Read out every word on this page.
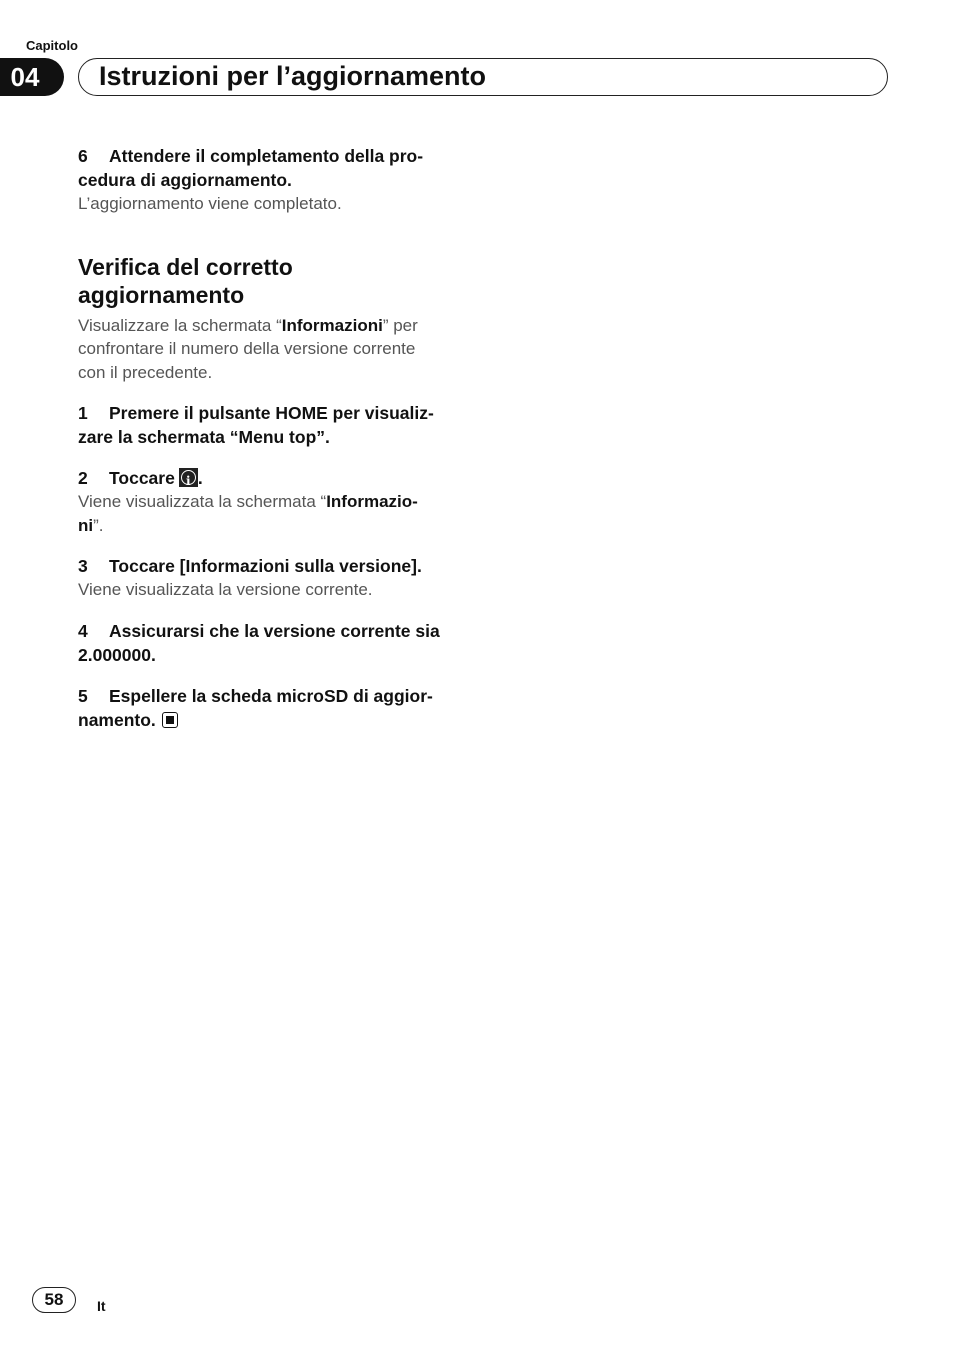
Capitolo
04	Istruzioni per l’aggiornamento

6 Attendere il completamento della pro-
cedura di aggiornamento.

L’aggiornamento viene completato.

Verifica del corretto
aggiornamento

Visualizzare la schermata “Informazioni” per
confrontare il numero della versione corrente
con il precedente.

1 Premere il pulsante HOME per visualiz-
zare la schermata “Menu top”.

2 Toccarei .

Viene visualizzata la schermata “Informazio-
ni”.

3 Toccare [Informazioni sulla versione].

Viene visualizzata la versione corrente.

4 Assicurarsi che la versione corrente sia
2.000000.

5 Espellere la scheda microSD di aggior-
namento.

58	It
